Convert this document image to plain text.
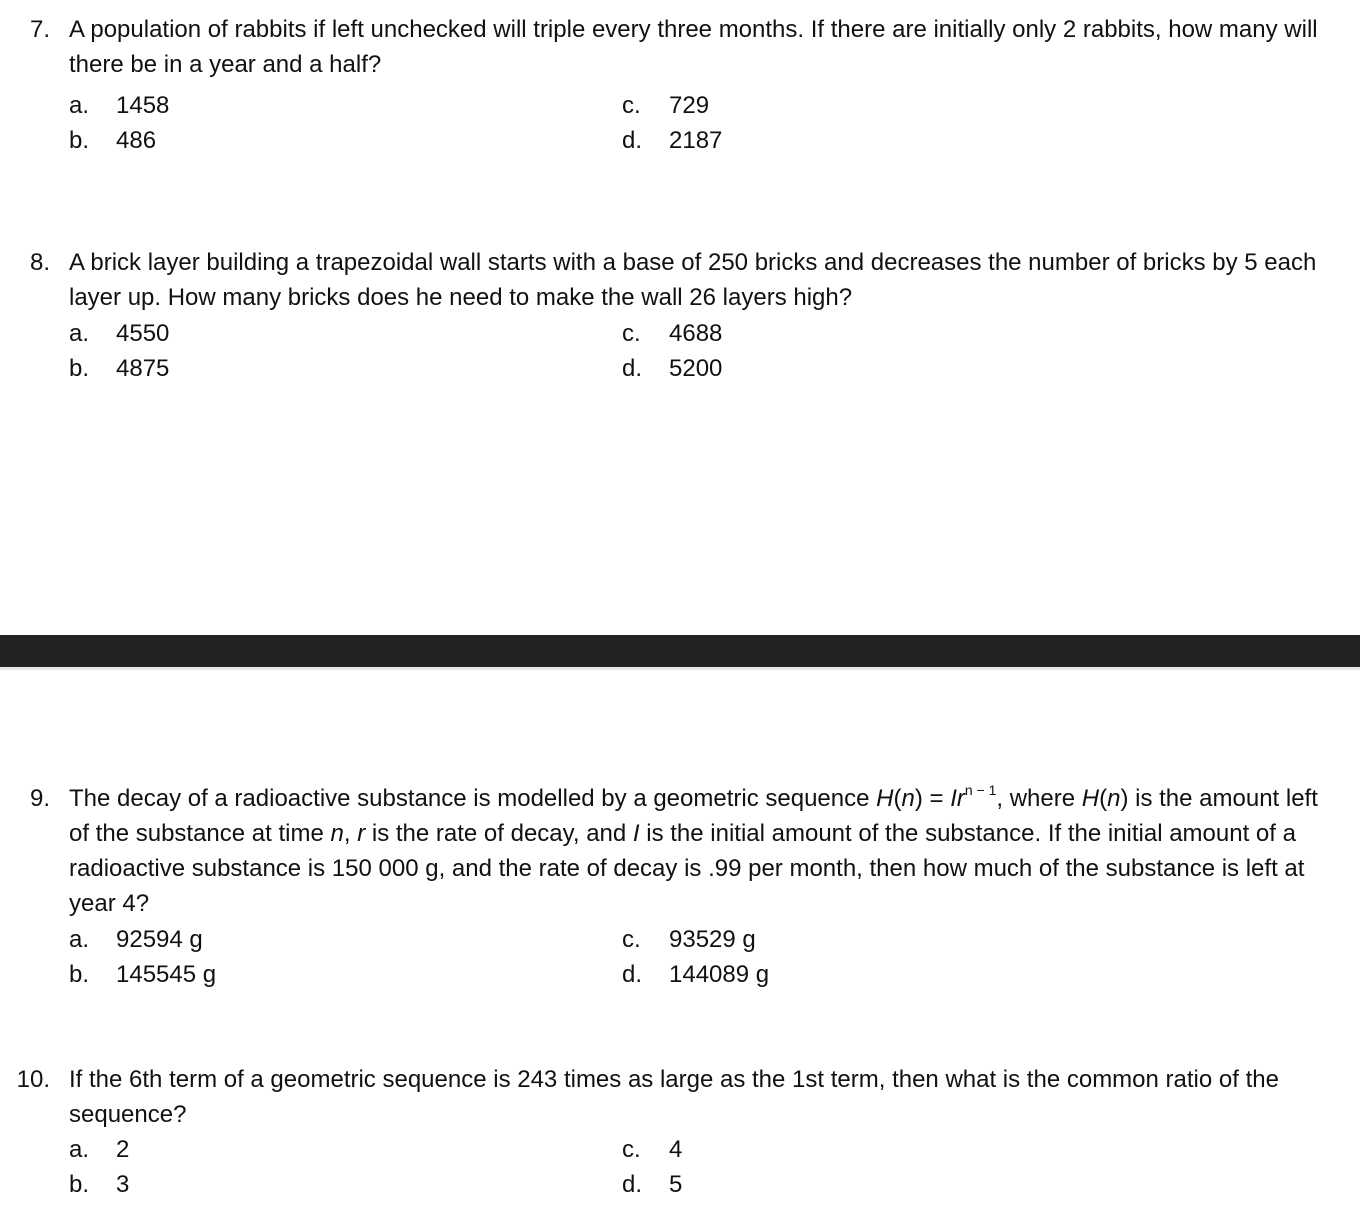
7. A population of rabbits if left unchecked will triple every three months. If there are initially only 2 rabbits, how many will there be in a year and a half?

a. 1458
b. 486
c. 729
d. 2187
8. A brick layer building a trapezoidal wall starts with a base of 250 bricks and decreases the number of bricks by 5 each layer up. How many bricks does he need to make the wall 26 layers high?

a. 4550
b. 4875
c. 4688
d. 5200
9. The decay of a radioactive substance is modelled by a geometric sequence $H(n) = Ir^{n - 1}$, where H(n) is the amount left of the substance at time n, r is the rate of decay, and I is the initial amount of the substance. If the initial amount of a radioactive substance is 150 000 g, and the rate of decay is .99 per month, then how much of the substance is left at year 4?

a. 92594 g
b. 145545 g
c. 93529 g
d. 144089 g
10. If the 6th term of a geometric sequence is 243 times as large as the 1st term, then what is the common ratio of the sequence?

a. 2
b. 3
c. 4
d. 5
